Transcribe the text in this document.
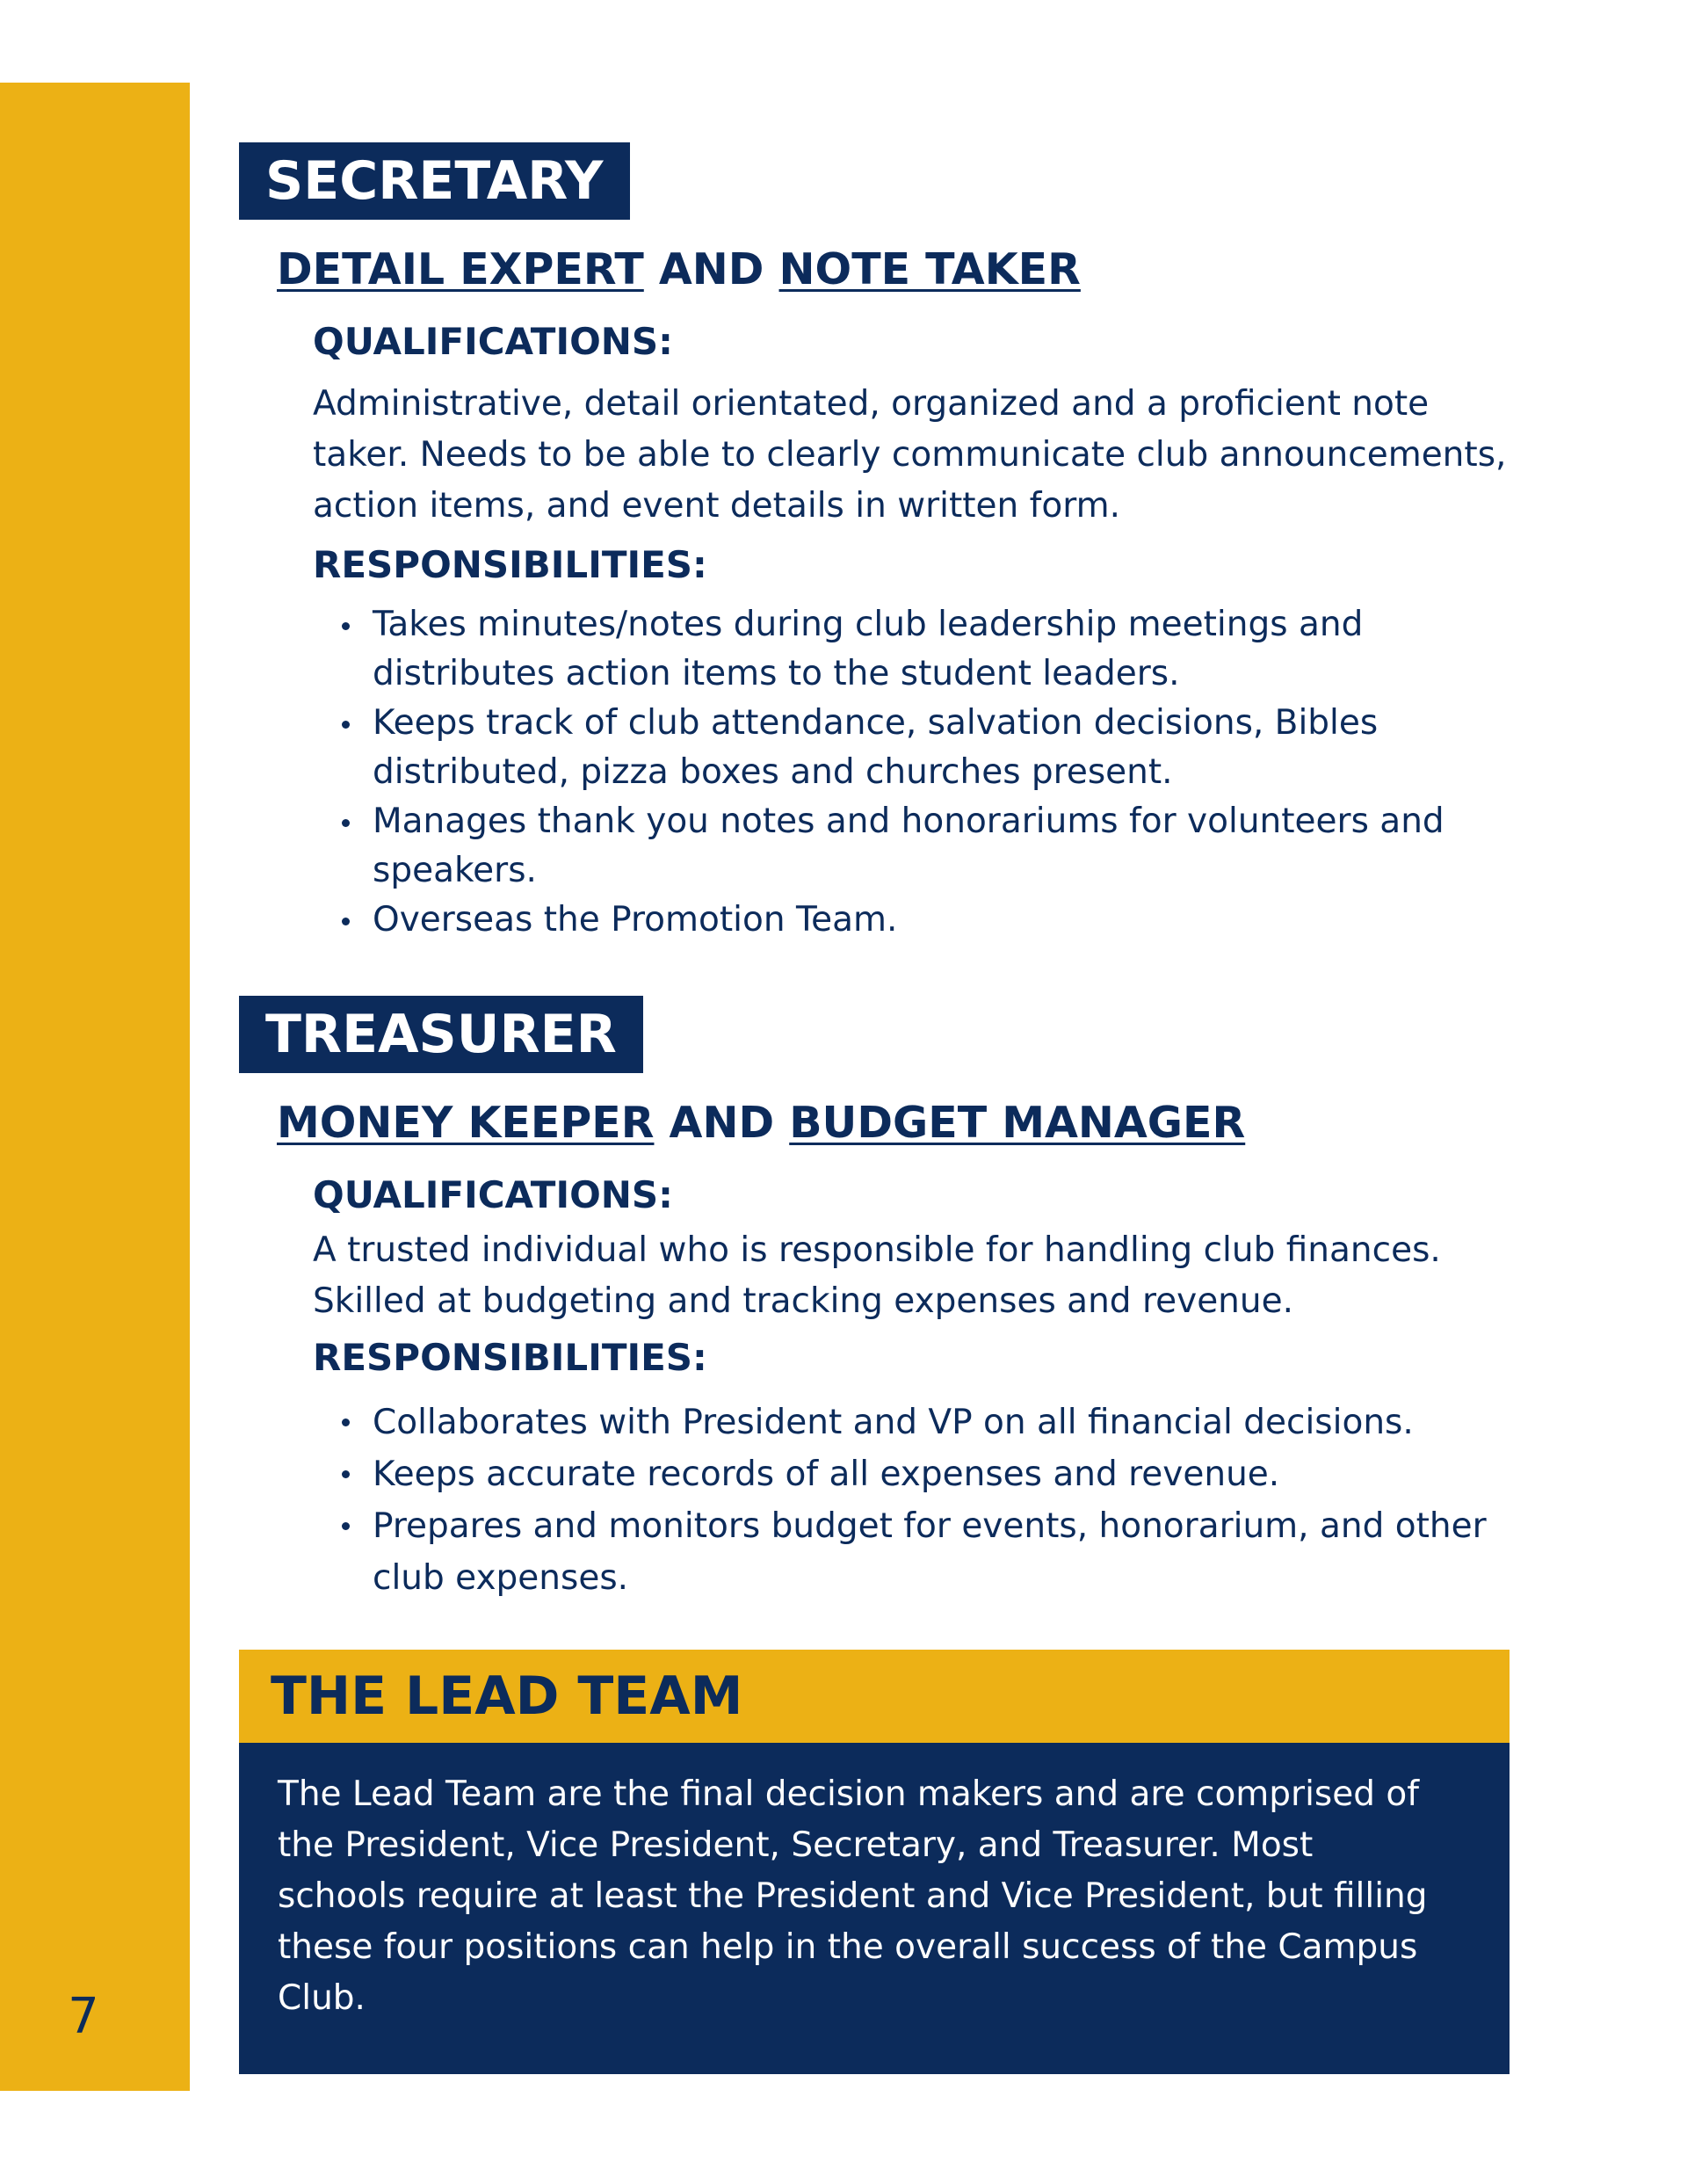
7
SECRETARY
DETAIL EXPERT AND NOTE TAKER
QUALIFICATIONS:

Administrative, detail orientated, organized and a proficient note taker. Needs to be able to clearly communicate club announcements, action items, and event details in written form.

RESPONSIBILITIES:
Takes minutes/notes during club leadership meetings and distributes action items to the student leaders.
Keeps track of club attendance, salvation decisions, Bibles distributed, pizza boxes and churches present.
Manages thank you notes and honorariums for volunteers and speakers.
Overseas the Promotion Team.
TREASURER
MONEY KEEPER AND BUDGET MANAGER
QUALIFICATIONS:

A trusted individual who is responsible for handling club finances. Skilled at budgeting and tracking expenses and revenue.

RESPONSIBILITIES:
Collaborates with President and VP on all financial decisions.
Keeps accurate records of all expenses and revenue.
Prepares and monitors budget for events, honorarium, and other club expenses.
THE LEAD TEAM

The Lead Team are the final decision makers and are comprised of the President, Vice President, Secretary, and Treasurer. Most schools require at least the President and Vice President, but filling these four positions can help in the overall success of the Campus Club.
